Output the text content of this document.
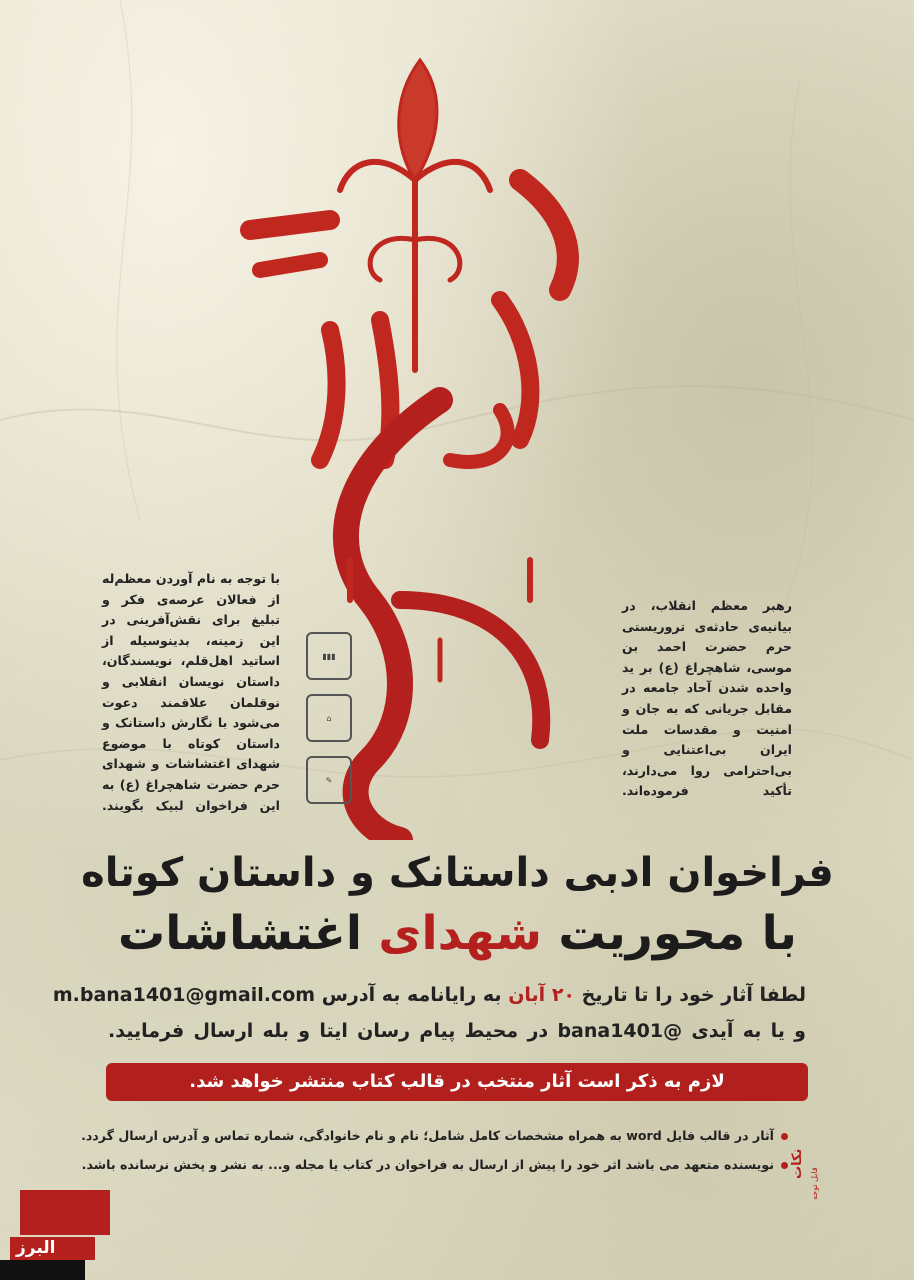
با توجه به نام آوردن معظم‌له از فعالان عرصه‌ی فکر و تبلیغ برای نقش‌آفرینی در این زمینه، بدینوسیله از اساتید اهل‌قلم، نویسندگان، داستان نویسان انقلابی و نوقلمان علاقمند دعوت می‌شود با نگارش داستانک و داستان کوتاه با موضوع شهدای اغتشاشات و شهدای حرم حضرت شاهچراغ (ع) به این فراخوان لبیک بگویند.
رهبر معظم انقلاب، در بیانیه‌ی حادثه‌ی تروریستی حرم حضرت احمد بن موسی، شاهچراغ (ع) بر ید واحده شدن آحاد جامعه در مقابل جریانی که به جان و امنیت و مقدسات ملت ایران بی‌اعتنایی و بی‌احترامی روا می‌دارند، تأکید فرموده‌اند.
▮▮▮
⌂
✎
فراخوان ادبی داستانک و داستان کوتاه
با محوریت شهدای اغتشاشات
لطفا آثار خود را تا تاریخ ۲۰ آبان به رایانامه به آدرس m.bana1401@gmail.com
و یا به آیدی bana1401@ در محیط پیام رسان ایتا و بله ارسال فرمایید.
لازم به ذکر است آثار منتخب در قالب کتاب منتشر خواهد شد.
نکات
قابل توجه
آثار در قالب فایل word به همراه مشخصات کامل شامل؛ نام و نام خانوادگی، شماره تماس و آدرس ارسال گردد.
نویسنده متعهد می باشد اثر خود را پیش از ارسال به فراخوان در کتاب یا مجله و... به نشر و پخش نرسانده باشد.
البرز
